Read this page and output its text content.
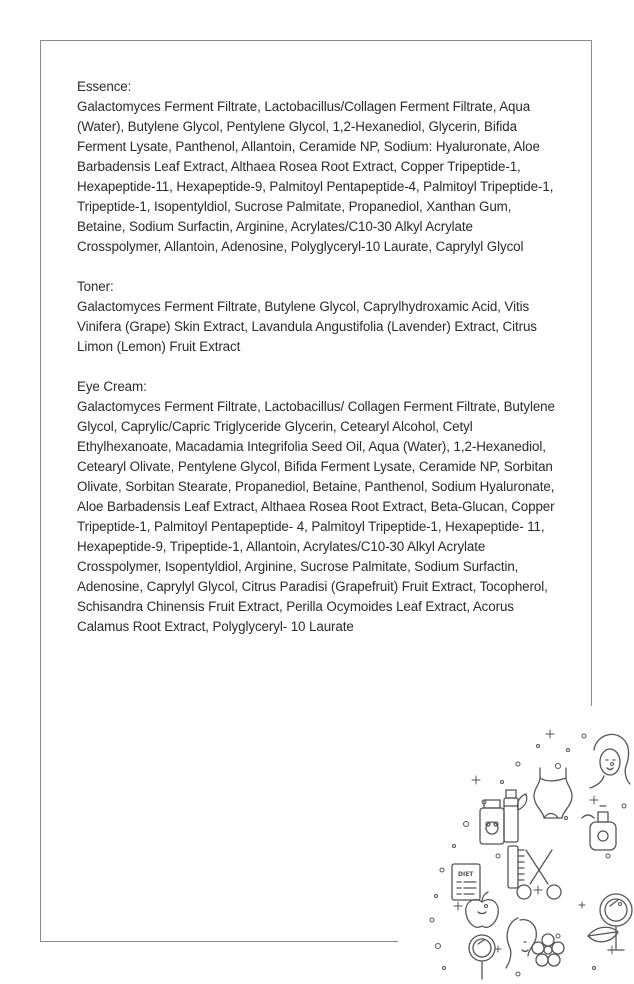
Essence:

Galactomyces Ferment Filtrate, Lactobacillus/Collagen Ferment Filtrate, Aqua (Water), Butylene Glycol, Pentylene Glycol, 1,2-Hexanediol, Glycerin, Bifida Ferment Lysate, Panthenol, Allantoin, Ceramide NP, Sodium: Hyaluronate, Aloe Barbadensis Leaf Extract, Althaea Rosea Root Extract, Copper Tripeptide-1, Hexapeptide-11, Hexapeptide-9, Palmitoyl Pentapeptide-4, Palmitoyl Tripeptide-1, Tripeptide-1, Isopentyldiol, Sucrose Palmitate, Propanediol, Xanthan Gum, Betaine, Sodium Surfactin, Arginine, Acrylates/C10-30 Alkyl Acrylate Crosspolymer, Allantoin, Adenosine, Polyglyceryl-10 Laurate, Caprylyl Glycol

Toner:

Galactomyces Ferment Filtrate, Butylene Glycol, Caprylhydroxamic Acid, Vitis Vinifera (Grape) Skin Extract, Lavandula Angustifolia (Lavender) Extract, Citrus Limon (Lemon) Fruit Extract

Eye Cream:

Galactomyces Ferment Filtrate, Lactobacillus/ Collagen Ferment Filtrate, Butylene Glycol, Caprylic/Capric Triglyceride Glycerin, Cetearyl Alcohol, Cetyl Ethylhexanoate, Macadamia Integrifolia Seed Oil, Aqua (Water), 1,2-Hexanediol, Cetearyl Olivate, Pentylene Glycol, Bifida Ferment Lysate, Ceramide NP, Sorbitan Olivate, Sorbitan Stearate, Propanediol, Betaine, Panthenol, Sodium Hyaluronate, Aloe Barbadensis Leaf Extract, Althaea Rosea Root Extract, Beta-Glucan, Copper Tripeptide-1, Palmitoyl Pentapeptide- 4, Palmitoyl Tripeptide-1, Hexapeptide- 11, Hexapeptide-9, Tripeptide-1, Allantoin, Acrylates/C10-30 Alkyl Acrylate Crosspolymer, Isopentyldiol, Arginine, Sucrose Palmitate, Sodium Surfactin, Adenosine, Caprylyl Glycol, Citrus Paradisi (Grapefruit) Fruit Extract, Tocopherol, Schisandra Chinensis Fruit Extract, Perilla Ocymoides Leaf Extract, Acorus Calamus Root Extract, Polyglyceryl- 10 Laurate

DIET
